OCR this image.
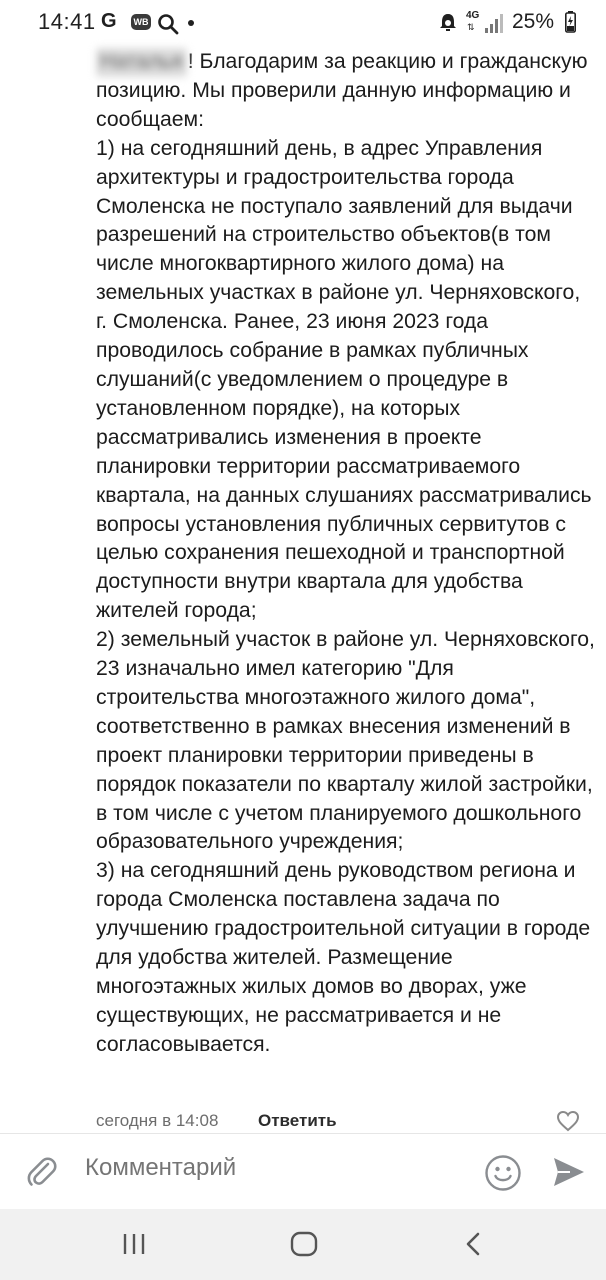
14:41 G WB
4G
⇅ 25%

Наталья ! Благодарим за реакцию и гражданскую позицию. Мы проверили данную информацию и сообщаем:
1) на сегодняшний день, в адрес Управления архитектуры и градостроительства города Смоленска не поступало заявлений для выдачи разрешений на строительство объектов(в том числе многоквартирного жилого дома) на земельных участках в районе ул. Черняховского, г. Смоленска. Ранее, 23 июня 2023 года проводилось собрание в рамках публичных слушаний(с уведомлением о процедуре в установленном порядке), на которых рассматривались изменения в проекте планировки территории рассматриваемого квартала, на данных слушаниях рассматривались вопросы установления публичных сервитутов с целью сохранения пешеходной и транспортной доступности внутри квартала для удобства жителей города;
2) земельный участок в районе ул. Черняховского, 23 изначально имел категорию "Для строительства многоэтажного жилого дома", соответственно в рамках внесения изменений в проект планировки территории приведены в порядок показатели по кварталу жилой застройки, в том числе с учетом планируемого дошкольного образовательного учреждения;
3) на сегодняшний день руководством региона и города Смоленска поставлена задача по улучшению градостроительной ситуации в городе для удобства жителей. Размещение многоэтажных жилых домов во дворах, уже существующих, не рассматривается и не согласовывается.

сегодня в 14:08 Ответить
Комментарий
